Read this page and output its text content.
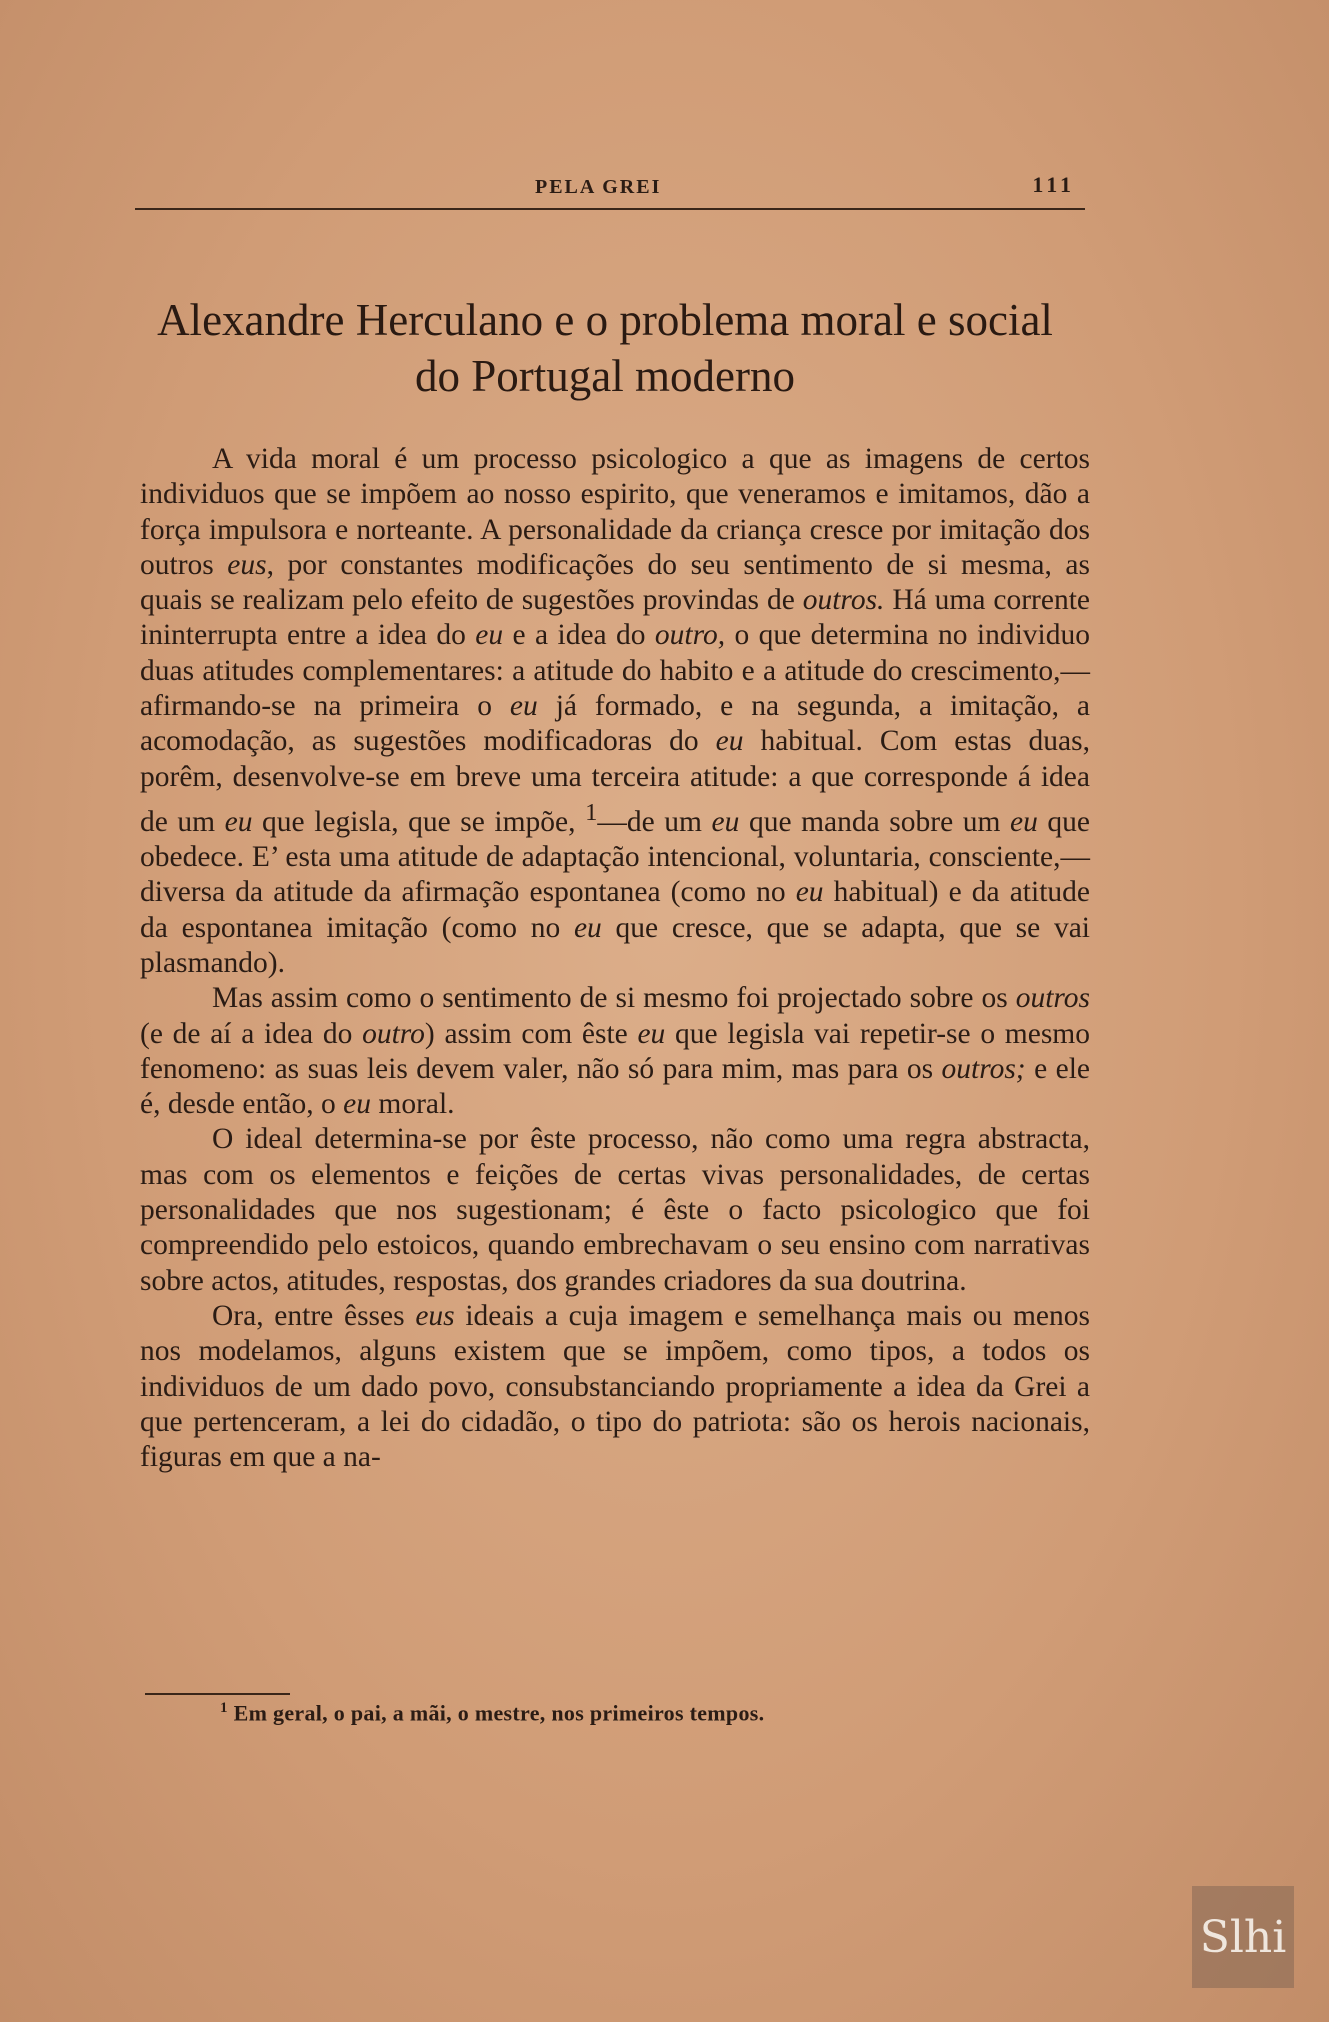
PELA GREI	111
Alexandre Herculano e o problema moral e social
do Portugal moderno

A vida moral é um processo psicologico a que as imagens de certos individuos que se impõem ao nosso espirito, que veneramos e imitamos, dão a força impulsora e norteante. A personalidade da criança cresce por imitação dos outros eus, por constantes modificações do seu sentimento de si mesma, as quais se realizam pelo efeito de sugestões provindas de outros. Há uma corrente ininterrupta entre a idea do eu e a idea do outro, o que determina no individuo duas atitudes complementares: a atitude do habito e a atitude do crescimento,—afirmando-se na primeira o eu já formado, e na segunda, a imitação, a acomodação, as sugestões modificadoras do eu habitual. Com estas duas, porêm, desenvolve-se em breve uma terceira atitude: a que corresponde á idea de um eu que legisla, que se impõe, $^1$—de um eu que manda sobre um eu que obedece. E’ esta uma atitude de adaptação intencional, voluntaria, consciente,—diversa da atitude da afirmação espontanea (como no eu habitual) e da atitude da espontanea imitação (como no eu que cresce, que se adapta, que se vai plasmando).

Mas assim como o sentimento de si mesmo foi projectado sobre os outros (e de aí a idea do outro) assim com êste eu que legisla vai repetir-se o mesmo fenomeno: as suas leis devem valer, não só para mim, mas para os outros; e ele é, desde então, o eu moral.

O ideal determina-se por êste processo, não como uma regra abstracta, mas com os elementos e feições de certas vivas personalidades, de certas personalidades que nos sugestionam; é êste o facto psicologico que foi compreendido pelo estoicos, quando embrechavam o seu ensino com narrativas sobre actos, atitudes, respostas, dos grandes criadores da sua doutrina.

Ora, entre êsses eus ideais a cuja imagem e semelhança mais ou menos nos modelamos, alguns existem que se impõem, como tipos, a todos os individuos de um dado povo, consubstanciando propriamente a idea da Grei a que pertenceram, a lei do cidadão, o tipo do patriota: são os herois nacionais, figuras em que a na-

$^1$ Em geral, o pai, a mãi, o mestre, nos primeiros tempos.
Slhi
